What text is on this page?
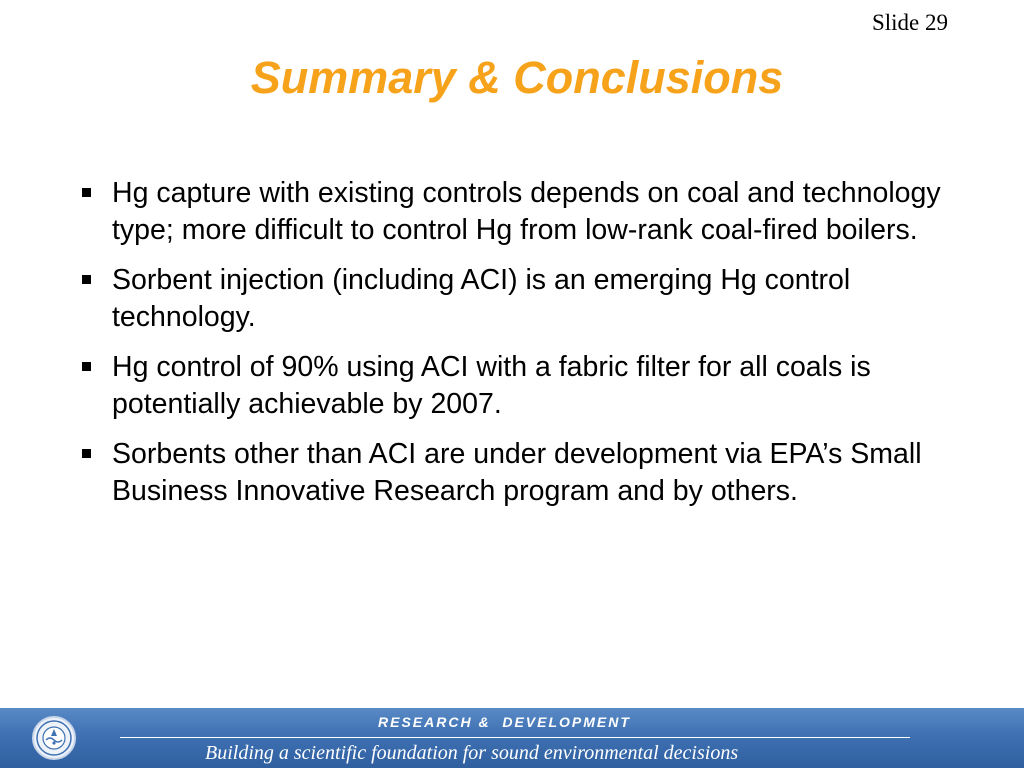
Slide 29
Summary & Conclusions
Hg capture with existing controls depends on coal and technology type; more difficult to control Hg from low-rank coal-fired boilers.
Sorbent injection (including ACI) is an emerging Hg control technology.
Hg control of 90% using ACI with a fabric filter for all coals is potentially achievable by 2007.
Sorbents other than ACI are under development via EPA’s Small Business Innovative Research program and by others.
RESEARCH &  DEVELOPMENT
Building a scientific foundation for sound environmental decisions
